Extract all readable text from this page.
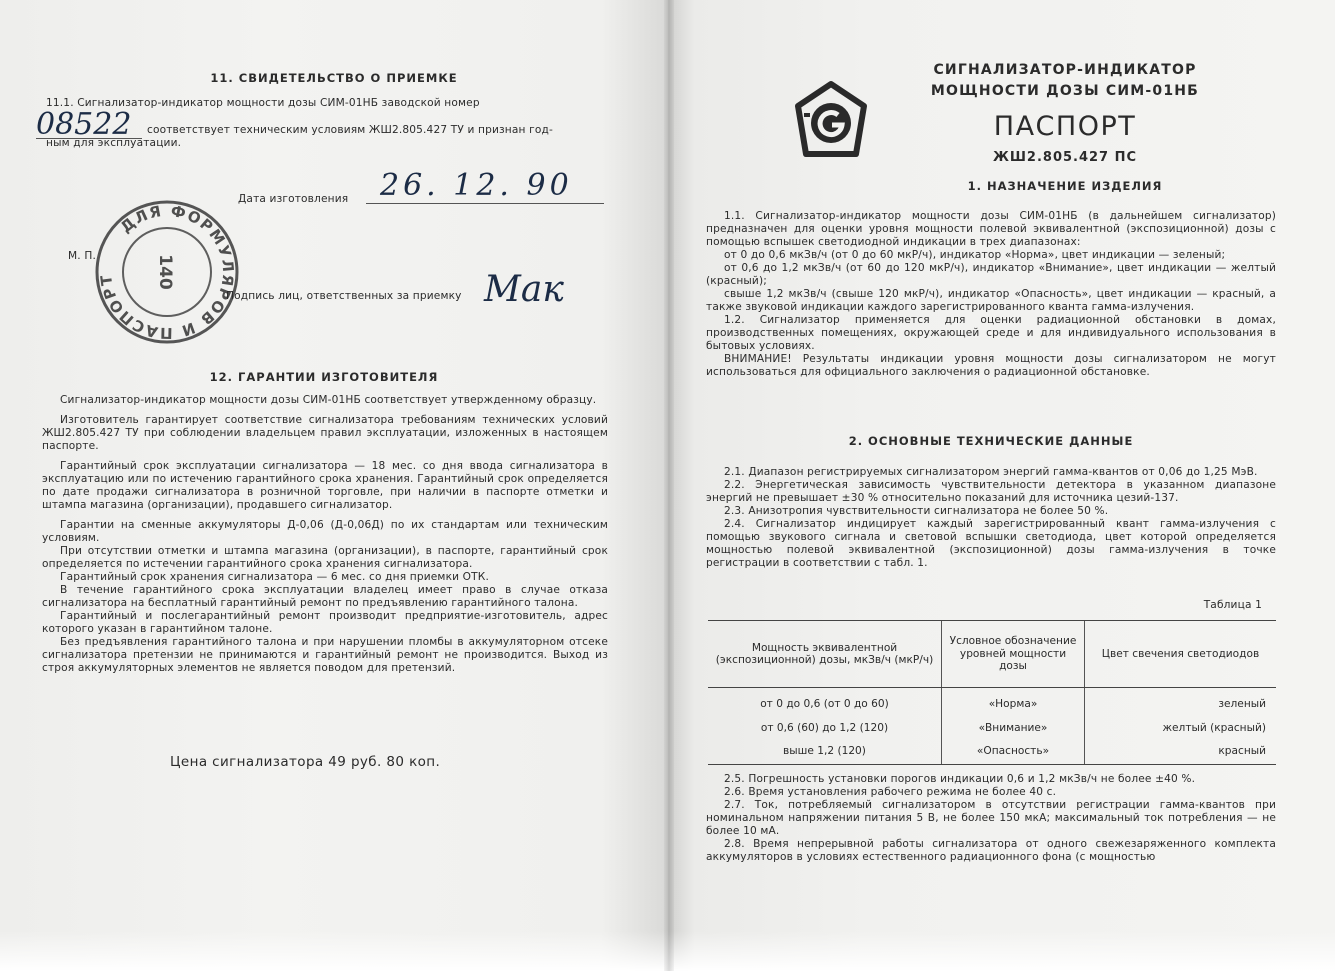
11. СВИДЕТЕЛЬСТВО О ПРИЕМКЕ
11.1. Сигнализатор-индикатор мощности дозы СИМ-01НБ заводской номер
08522 соответствует техническим условиям ЖШ2.805.427 ТУ и признан год-
ным для эксплуатации.
Дата изготовления 26. 12. 90
М. П.
ДЛЯ ФОРМУЛЯРОВ И ПАСПОРТ	140
Подпись лиц, ответственных за приемку Мак
12. ГАРАНТИИ ИЗГОТОВИТЕЛЯ

Сигнализатор-индикатор мощности дозы СИМ-01НБ соответствует утвержденному образцу.

Изготовитель гарантирует соответствие сигнализатора требованиям технических условий ЖШ2.805.427 ТУ при соблюдении владельцем правил эксплуатации, изложенных в настоящем паспорте.

Гарантийный срок эксплуатации сигнализатора — 18 мес. со дня ввода сигнализатора в эксплуатацию или по истечению гарантийного срока хранения. Гарантийный срок определяется по дате продажи сигнализатора в розничной торговле, при наличии в паспорте отметки и штампа магазина (организации), продавшего сигнализатор.

Гарантии на сменные аккумуляторы Д-0,06 (Д-0,06Д) по их стандартам или техническим условиям.

При отсутствии отметки и штампа магазина (организации), в паспорте, гарантийный срок определяется по истечении гарантийного срока хранения сигнализатора.

Гарантийный срок хранения сигнализатора — 6 мес. со дня приемки ОТК.

В течение гарантийного срока эксплуатации владелец имеет право в случае отказа сигнализатора на бесплатный гарантийный ремонт по предъявлению гарантийного талона.

Гарантийный и послегарантийный ремонт производит предприятие-изготовитель, адрес которого указан в гарантийном талоне.

Без предъявления гарантийного талона и при нарушении пломбы в аккумуляторном отсеке сигнализатора претензии не принимаются и гарантийный ремонт не производится. Выход из строя аккумуляторных элементов не является поводом для претензий.

Цена сигнализатора 49 руб. 80 коп.
СИГНАЛИЗАТОР-ИНДИКАТОР
МОЩНОСТИ ДОЗЫ СИМ-01НБ
ПАСПОРТ
ЖШ2.805.427 ПС
1. НАЗНАЧЕНИЕ ИЗДЕЛИЯ

1.1. Сигнализатор-индикатор мощности дозы СИМ-01НБ (в дальнейшем сигнализатор) предназначен для оценки уровня мощности полевой эквивалентной (экспозиционной) дозы с помощью вспышек светодиодной индикации в трех диапазонах:

от 0 до 0,6 мкЗв/ч (от 0 до 60 мкР/ч), индикатор «Норма», цвет индикации — зеленый;

от 0,6 до 1,2 мкЗв/ч (от 60 до 120 мкР/ч), индикатор «Внимание», цвет индикации — желтый (красный);

свыше 1,2 мкЗв/ч (свыше 120 мкР/ч), индикатор «Опасность», цвет индикации — красный, а также звуковой индикации каждого зарегистрированного кванта гамма-излучения.

1.2. Сигнализатор применяется для оценки радиационной обстановки в домах, производственных помещениях, окружающей среде и для индивидуального использования в бытовых условиях.

ВНИМАНИЕ! Результаты индикации уровня мощности дозы сигнализатором не могут использоваться для официального заключения о радиационной обстановке.

2. ОСНОВНЫЕ ТЕХНИЧЕСКИЕ ДАННЫЕ

2.1. Диапазон регистрируемых сигнализатором энергий гамма-квантов от 0,06 до 1,25 МэВ.

2.2. Энергетическая зависимость чувствительности детектора в указанном диапазоне энергий не превышает ±30 % относительно показаний для источника цезий-137.

2.3. Анизотропия чувствительности сигнализатора не более 50 %.

2.4. Сигнализатор индицирует каждый зарегистрированный квант гамма-излучения с помощью звукового сигнала и световой вспышки светодиода, цвет которой определяется мощностью полевой эквивалентной (экспозиционной) дозы гамма-излучения в точке регистрации в соответствии с табл. 1.

Таблица 1
Мощность эквивалентной (экспозиционной) дозы, мкЗв/ч (мкР/ч)	Условное обозначение уровней мощности дозы	Цвет свечения светодиодов
от 0 до 0,6 (от 0 до 60)	«Норма»	зеленый
от 0,6 (60) до 1,2 (120)	«Внимание»	желтый (красный)
выше 1,2 (120)	«Опасность»	красный

2.5. Погрешность установки порогов индикации 0,6 и 1,2 мкЗв/ч не более ±40 %.

2.6. Время установления рабочего режима не более 40 с.

2.7. Ток, потребляемый сигнализатором в отсутствии регистрации гамма-квантов при номинальном напряжении питания 5 В, не более 150 мкА; максимальный ток потребления — не более 10 мА.

2.8. Время непрерывной работы сигнализатора от одного свежезаряженного комплекта аккумуляторов в условиях естественного радиационного фона (с мощностью
